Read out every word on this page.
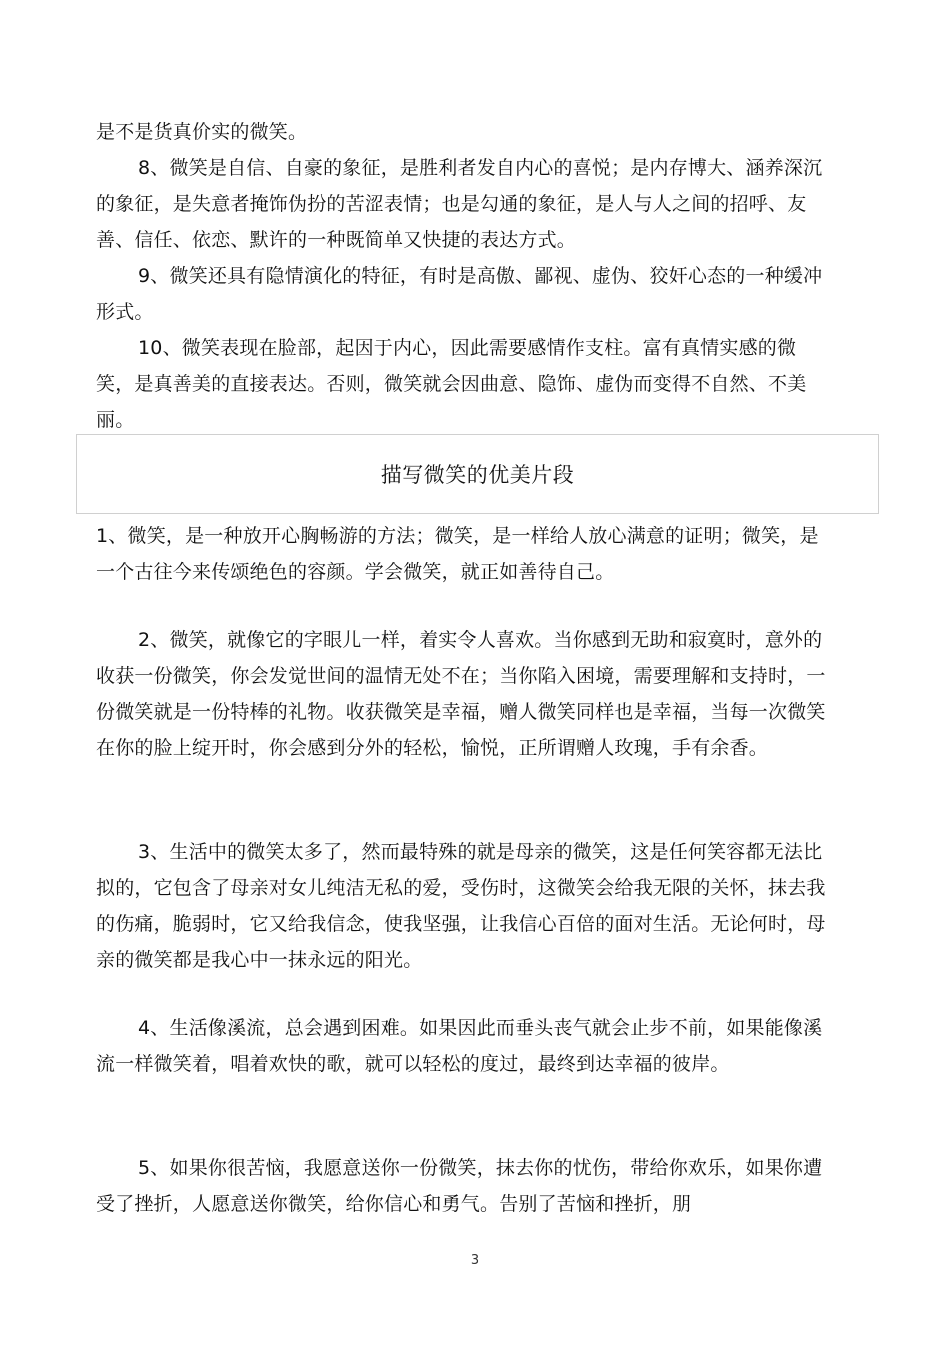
是不是货真价实的微笑。
8、微笑是自信、自豪的象征，是胜利者发自内心的喜悦；是内存博大、涵养深沉的象征，是失意者掩饰伪扮的苦涩表情；也是勾通的象征，是人与人之间的招呼、友善、信任、依恋、默许的一种既简单又快捷的表达方式。
9、微笑还具有隐情演化的特征，有时是高傲、鄙视、虚伪、狡奸心态的一种缓冲形式。
10、微笑表现在脸部，起因于内心，因此需要感情作支柱。富有真情实感的微笑，是真善美的直接表达。否则，微笑就会因曲意、隐饰、虚伪而变得不自然、不美丽。
描写微笑的优美片段
1、微笑，是一种放开心胸畅游的方法；微笑，是一样给人放心满意的证明；微笑，是一个古往今来传颂绝色的容颜。学会微笑，就正如善待自己。
2、微笑，就像它的字眼儿一样，着实令人喜欢。当你感到无助和寂寞时，意外的收获一份微笑，你会发觉世间的温情无处不在；当你陷入困境，需要理解和支持时，一份微笑就是一份特棒的礼物。收获微笑是幸福，赠人微笑同样也是幸福，当每一次微笑在你的脸上绽开时，你会感到分外的轻松，愉悦，正所谓赠人玫瑰，手有余香。
3、生活中的微笑太多了，然而最特殊的就是母亲的微笑，这是任何笑容都无法比拟的，它包含了母亲对女儿纯洁无私的爱，受伤时，这微笑会给我无限的关怀，抹去我的伤痛，脆弱时，它又给我信念，使我坚强，让我信心百倍的面对生活。无论何时，母亲的微笑都是我心中一抹永远的阳光。
4、生活像溪流，总会遇到困难。如果因此而垂头丧气就会止步不前，如果能像溪流一样微笑着，唱着欢快的歌，就可以轻松的度过，最终到达幸福的彼岸。
5、如果你很苦恼，我愿意送你一份微笑，抹去你的忧伤，带给你欢乐，如果你遭受了挫折，人愿意送你微笑，给你信心和勇气。告别了苦恼和挫折，朋
3
